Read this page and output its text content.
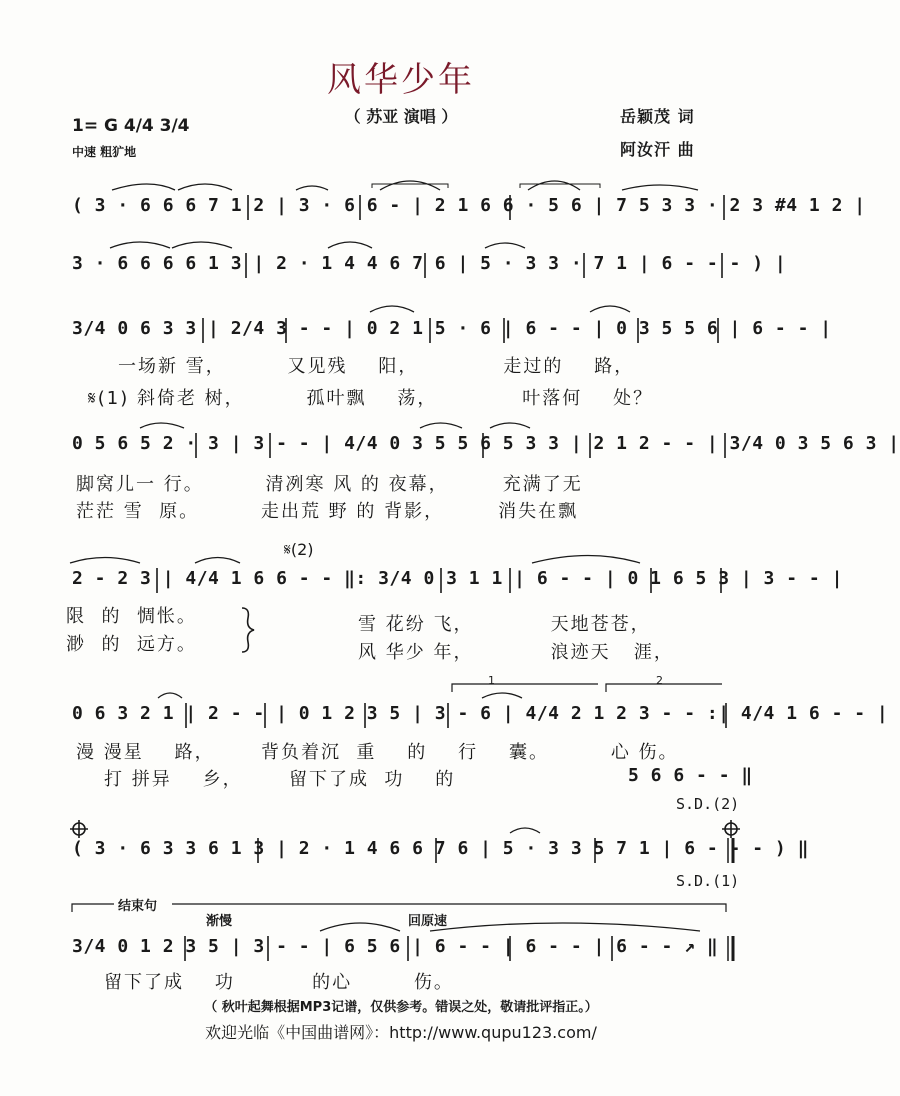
风华少年
（ 苏亚 演唱 ）
1= G 4/4 3/4
中速 粗犷地
岳颖茂 词
阿汝汗 曲
( 3 · 6 6 6 7 1 2 | 3 · 6 6 - | 2 1 6 6 · 5 6 | 7 5 3 3 · 2 3 #4 1 2 |
3 · 6 6 6 6 1 3 | 2 · 1 4 4 6 7 6 | 5 · 3 3 · 7 1 | 6 - - - ) |
3/4 0 6 3 3 | 2/4 3 - - | 0 2 1 5 · 6 | 6 - - | 0 3 5 5 6 | 6 - - |
一场新 雪，        又见残    阳，           走过的    路，
𝄋(1) 斜倚老 树，        孤叶飘    荡，           叶落何    处？
0 5 6 5 2 · 3 | 3 - - | 4/4 0 3 5 5 6 5 3 3 | 2 1 2 - - | 3/4 0 3 5 6 3 |
脚窝儿一 行。        清冽寒 风 的 夜幕，       充满了无
茫茫 雪  原。        走出荒 野 的 背影，       消失在飘
𝄋(2)
2 - 2 3 | 4/4 1 6 6 - - ‖: 3/4 0 3 1 1 | 6 - - | 0 1 6 5 3 | 3 - - |
限  的  惆怅。
渺  的  远方。
雪 花纷 飞，          天地苍苍，
风 华少 年，          浪迹天   涯，
1	2
0 6 3 2 1 | 2 - - | 0 1 2 3 5 | 3 - 6 | 4/4 2 1 2 3 - - :| 4/4 1 6 - - |
漫 漫星    路，      背负着沉  重    的    行    囊。        心 伤。
打 拼异    乡，      留下了成  功    的	5 6 6 - - ‖
S.D.(2)
( 3 · 6 3 3 6 1 3 | 2 · 1 4 6 6 7 6 | 5 · 3 3 5 7 1 | 6 - - - ) ‖
S.D.(1)
结束句
渐慢	回原速
3/4 0 1 2 3 5 | 3 - - | 6 5 6 | 6 - - | 6 - - | 6 - - ↗ ‖
留下了成    功          的心        伤。
（ 秋叶起舞根据MP3记谱，仅供参考。错误之处，敬请批评指正。）
欢迎光临《中国曲谱网》：http://www.qupu123.com/
